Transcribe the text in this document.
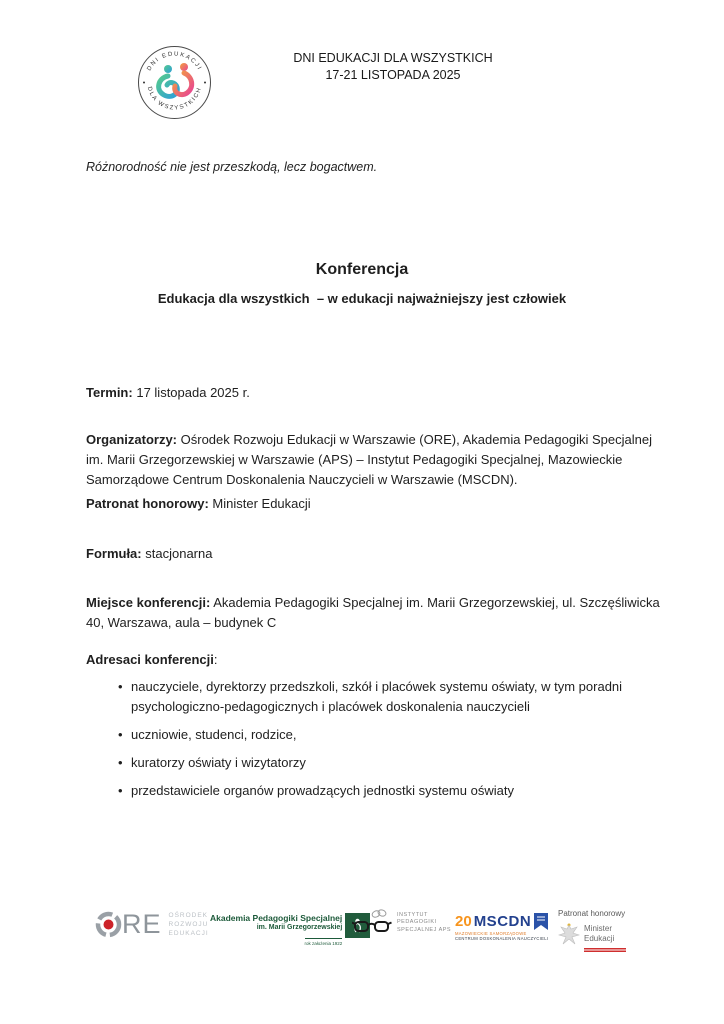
DNI EDUKACJI
DLA WSZYSTKICH
DNI EDUKACJI DLA WSZYSTKICH
17-21 LISTOPADA 2025
Różnorodność nie jest przeszkodą, lecz bogactwem.
Konferencja
Edukacja dla wszystkich  – w edukacji najważniejszy jest człowiek

Termin: 17 listopada 2025 r.

Organizatorzy: Ośrodek Rozwoju Edukacji w Warszawie (ORE), Akademia Pedagogiki Specjalnej im. Marii Grzegorzewskiej w Warszawie (APS) – Instytut Pedagogiki Specjalnej, Mazowieckie Samorządowe Centrum Doskonalenia Nauczycieli w Warszawie (MSCDN).

Patronat honorowy: Minister Edukacji

Formuła: stacjonarna

Miejsce konferencji: Akademia Pedagogiki Specjalnej im. Marii Grzegorzewskiej, ul. Szczęśliwicka 40, Warszawa, aula – budynek C

Adresaci konferencji:
• nauczyciele, dyrektorzy przedszkoli, szkół i placówek systemu oświaty, w tym poradni psychologiczno-pedagogicznych i placówek doskonalenia nauczycieli
• uczniowie, studenci, rodzice,
• kuratorzy oświaty i wizytatorzy
• przedstawiciele organów prowadzących jednostki systemu oświaty
RE OŚRODEK
ROZWOJU
EDUKACJI
Akademia Pedagogiki Specjalnej
im. Marii Grzegorzewskiej
rok założenia 1922
INSTYTUT
PEDAGOGIKI
SPECJALNEJ APS 20 MSCDN
MAZOWIECKIE SAMORZĄDOWE
CENTRUM DOSKONALENIA NAUCZYCIELI
Patronat honorowy
Minister
Edukacji
